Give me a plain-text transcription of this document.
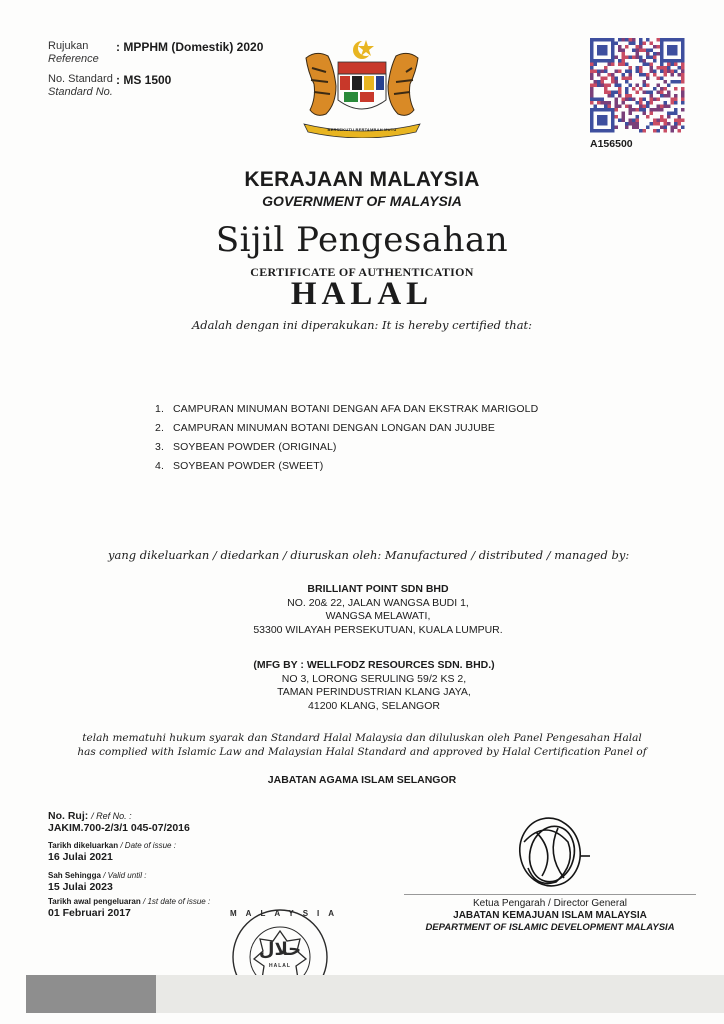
Rujukan
Reference
: MPPHM (Domestik) 2020
No. Standard
Standard No.
: MS 1500
BERSEKUTU BERTAMBAH MUTU
A156500
KERAJAAN MALAYSIA
GOVERNMENT OF MALAYSIA
Sijil Pengesahan
CERTIFICATE OF AUTHENTICATION
HALAL
Adalah dengan ini diperakukan: It is hereby certified that:
1. CAMPURAN MINUMAN BOTANI DENGAN AFA DAN EKSTRAK MARIGOLD
2. CAMPURAN MINUMAN BOTANI DENGAN LONGAN DAN JUJUBE
3. SOYBEAN POWDER (ORIGINAL)
4. SOYBEAN POWDER (SWEET)
yang dikeluarkan / diedarkan / diuruskan oleh: Manufactured / distributed / managed by:
BRILLIANT POINT SDN BHD
NO. 20& 22, JALAN WANGSA BUDI 1,
WANGSA MELAWATI,
53300 WILAYAH PERSEKUTUAN, KUALA LUMPUR.
(MFG BY : WELLFODZ RESOURCES SDN. BHD.)
NO 3, LORONG SERULING 59/2 KS 2,
TAMAN PERINDUSTRIAN KLANG JAYA,
41200 KLANG, SELANGOR
telah mematuhi hukum syarak dan Standard Halal Malaysia dan diluluskan oleh Panel Pengesahan Halal
has complied with Islamic Law and Malaysian Halal Standard and approved by Halal Certification Panel of
JABATAN AGAMA ISLAM SELANGOR
No. Ruj: / Ref No. :
JAKIM.700-2/3/1 045-07/2016
Tarikh dikeluarkan / Date of issue :
16 Julai 2021
Sah Sehingga / Valid until :
15 Julai 2023
Tarikh awal pengeluaran / 1st date of issue :
01 Februari 2017
Ketua Pengarah / Director General
JABATAN KEMAJUAN ISLAM MALAYSIA
DEPARTMENT OF ISLAMIC DEVELOPMENT MALAYSIA
MALAYSIA
حلال
HALAL
